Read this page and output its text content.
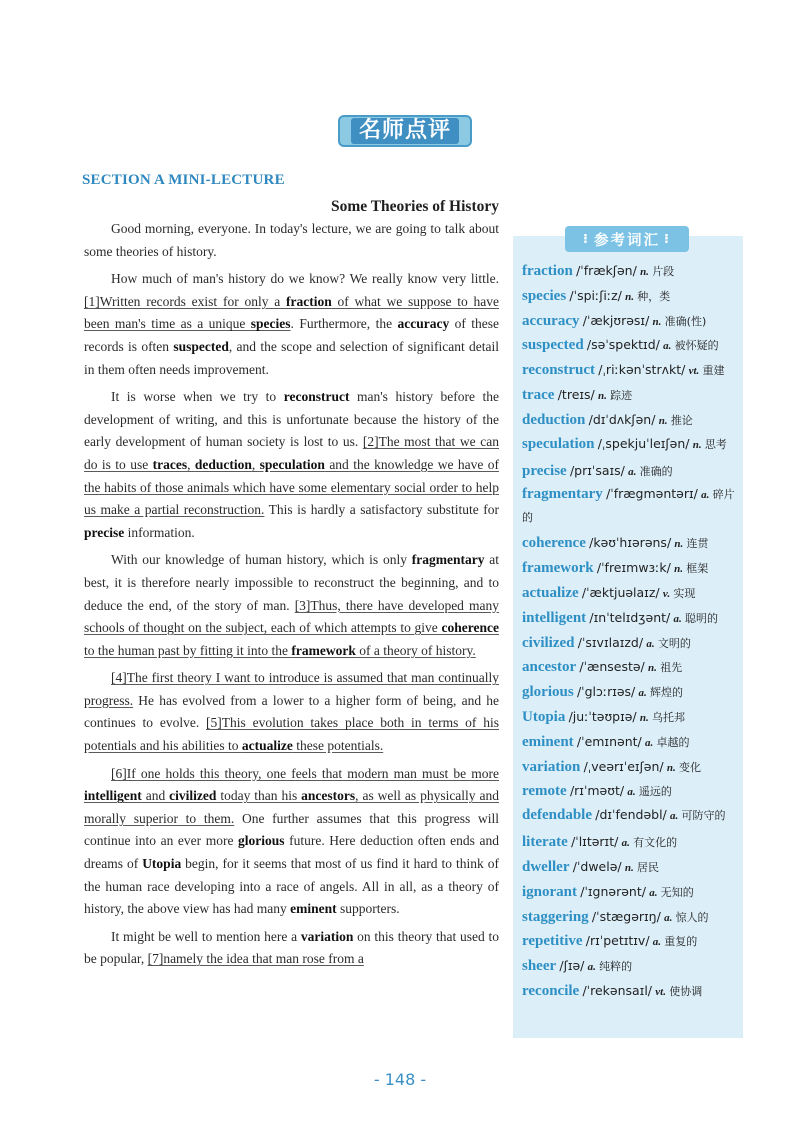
名师点评
SECTION A MINI-LECTURE
Some Theories of History

Good morning, everyone. In today's lecture, we are going to talk about some theories of history.

How much of man's history do we know? We really know very little. [1]Written records exist for only a fraction of what we suppose to have been man's time as a unique species. Furthermore, the accuracy of these records is often suspected, and the scope and selection of significant detail in them often needs improvement.

It is worse when we try to reconstruct man's history before the development of writing, and this is unfortunate because the history of the early development of human society is lost to us. [2]The most that we can do is to use traces, deduction, speculation and the knowledge we have of the habits of those animals which have some elementary social order to help us make a partial reconstruction. This is hardly a satisfactory substitute for precise information.

With our knowledge of human history, which is only fragmentary at best, it is therefore nearly impossible to reconstruct the beginning, and to deduce the end, of the story of man. [3]Thus, there have developed many schools of thought on the subject, each of which attempts to give coherence to the human past by fitting it into the framework of a theory of history.

[4]The first theory I want to introduce is assumed that man continually progress. He has evolved from a lower to a higher form of being, and he continues to evolve. [5]This evolution takes place both in terms of his potentials and his abilities to actualize these potentials.

[6]If one holds this theory, one feels that modern man must be more intelligent and civilized today than his ancestors, as well as physically and morally superior to them. One further assumes that this progress will continue into an ever more glorious future. Here deduction often ends and dreams of Utopia begin, for it seems that most of us find it hard to think of the human race developing into a race of angels. All in all, as a theory of history, the above view has had many eminent supporters.

It might be well to mention here a variation on this theory that used to be popular, [7]namely the idea that man rose from a

⁝ 参考词汇 ⁝
fraction /ˈfrækʃən/ n. 片段
species /ˈspiːʃiːz/ n. 种，类
accuracy /ˈækjʊrəsɪ/ n. 准确(性)
suspected /səˈspektɪd/ a. 被怀疑的
reconstruct /ˌriːkənˈstrʌkt/ vt. 重建
trace /treɪs/ n. 踪迹
deduction /dɪˈdʌkʃən/ n. 推论
speculation /ˌspekjuˈleɪʃən/ n. 思考
precise /prɪˈsaɪs/ a. 准确的
fragmentary /ˈfrægməntərɪ/ a. 碎片的
coherence /kəʊˈhɪərəns/ n. 连贯
framework /ˈfreɪmwɜːk/ n. 框架
actualize /ˈæktjuəlaɪz/ v. 实现
intelligent /ɪnˈtelɪdʒənt/ a. 聪明的
civilized /ˈsɪvɪlaɪzd/ a. 文明的
ancestor /ˈænsestə/ n. 祖先
glorious /ˈglɔːrɪəs/ a. 辉煌的
Utopia /juːˈtəʊpɪə/ n. 乌托邦
eminent /ˈemɪnənt/ a. 卓越的
variation /ˌveərɪˈeɪʃən/ n. 变化
remote /rɪˈməʊt/ a. 遥远的
defendable /dɪˈfendəbl/ a. 可防守的
literate /ˈlɪtərɪt/ a. 有文化的
dweller /ˈdwelə/ n. 居民
ignorant /ˈɪgnərənt/ a. 无知的
staggering /ˈstægərɪŋ/ a. 惊人的
repetitive /rɪˈpetɪtɪv/ a. 重复的
sheer /ʃɪə/ a. 纯粹的
reconcile /ˈrekənsaɪl/ vt. 使协调
- 148 -
